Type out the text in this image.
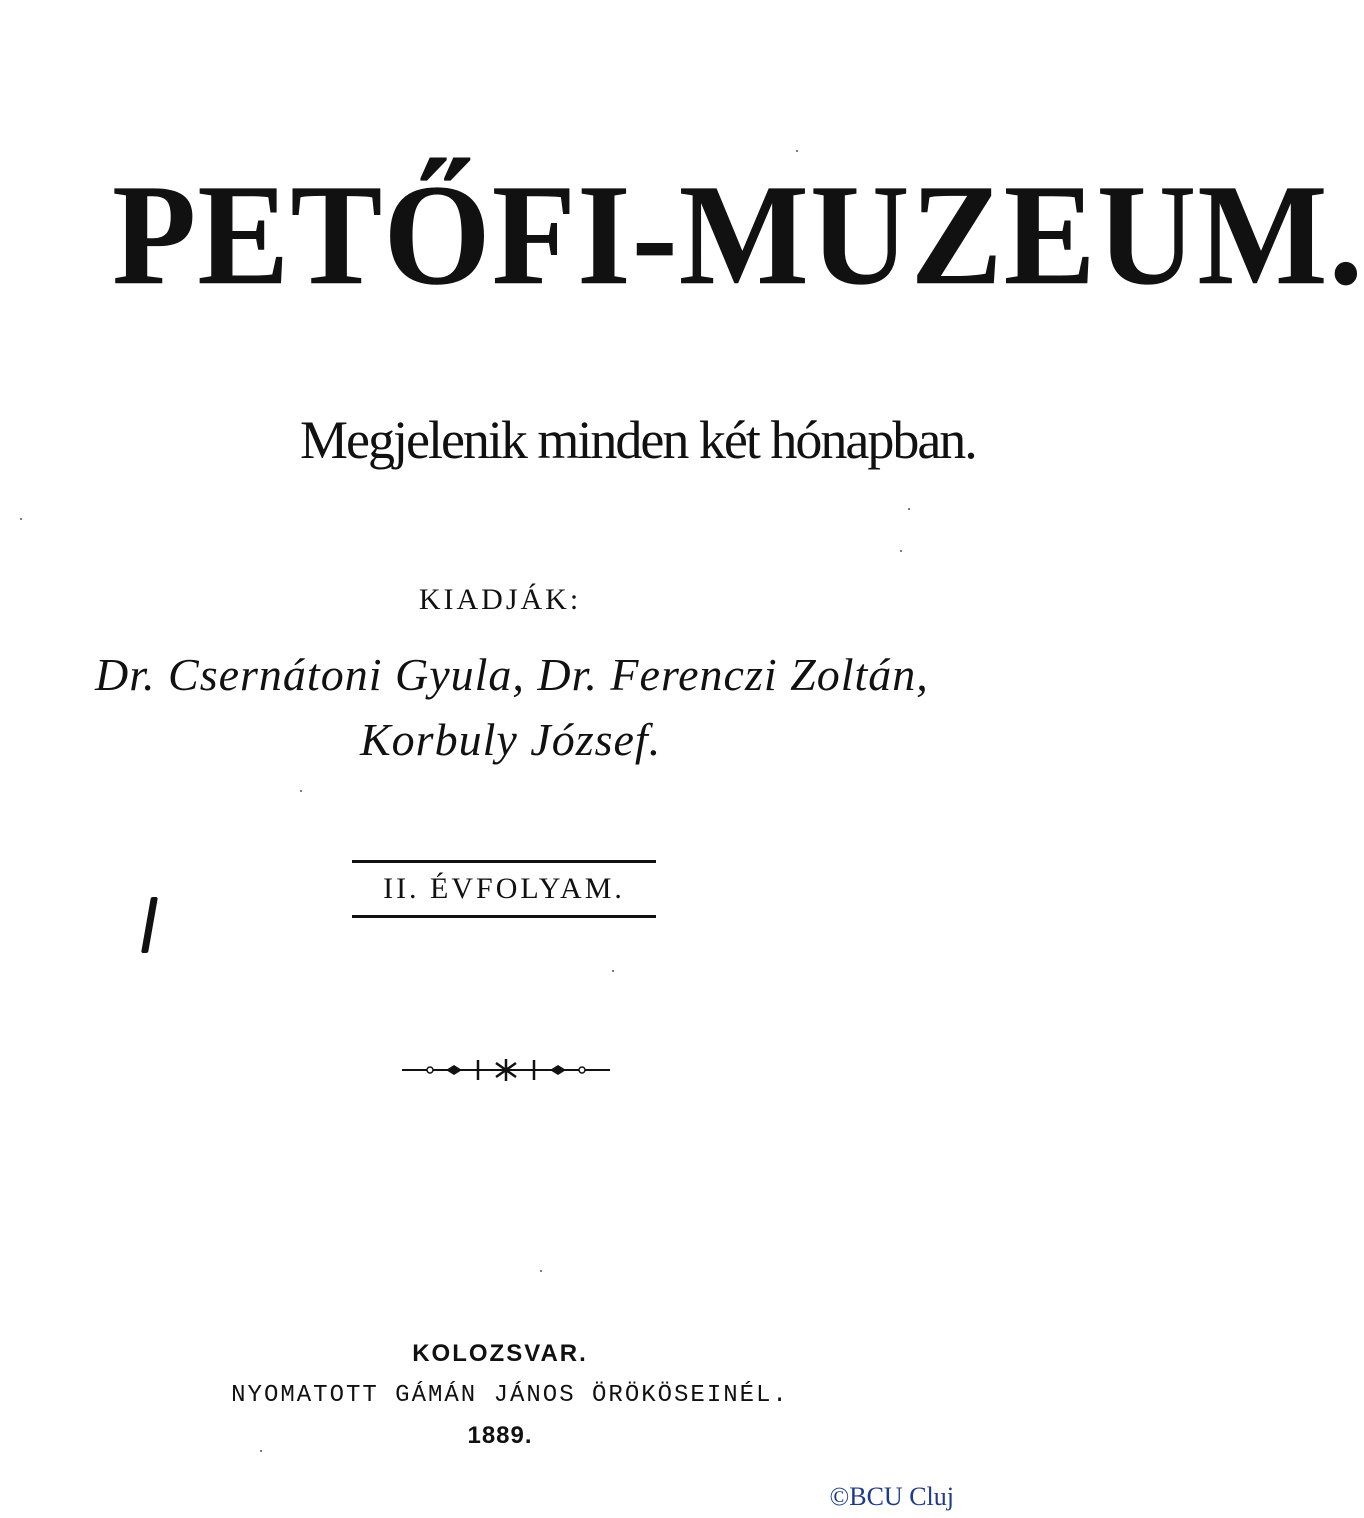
PETŐFI-MUZEUM.
Megjelenik minden két hónapban.
KIADJÁK:
Dr. Csernátoni Gyula, Dr. Ferenczi Zoltán,
Korbuly József.
II. ÉVFOLYAM.
KOLOZSVAR.
NYOMATOTT GÁMÁN JÁNOS ÖRÖKÖSEINÉL.
1889.
©BCU Cluj
